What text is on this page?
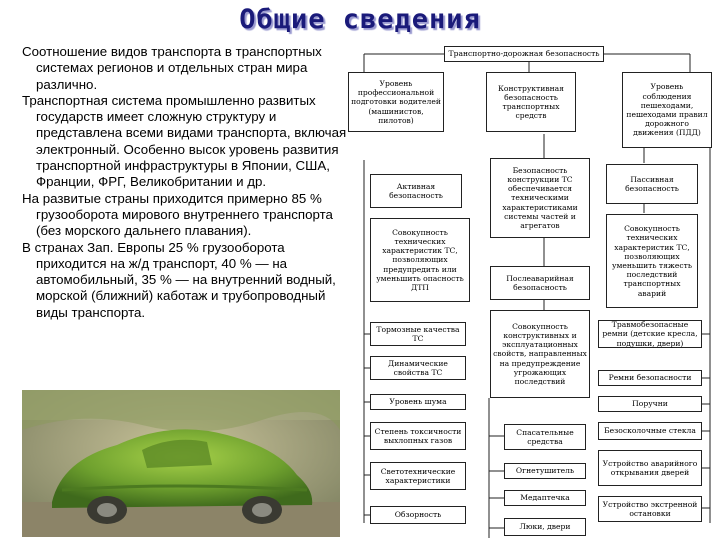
Общие сведения

Соотношение видов транспорта в транспортных системах регионов и отдельных стран мира различно.

Транспортная система промышленно развитых государств имеет сложную структуру и представлена всеми видами транспорта, включая электронный. Особенно высок уровень развития транспортной инфраструктуры в Японии, США, Франции, ФРГ, Великобритании и др.

На развитые страны приходится примерно 85 % грузооборота мирового внутреннего транспорта (без морского дальнего плавания).

В странах Зап. Европы 25 % грузооборота приходится на ж/д транспорт, 40 % — на автомобильный, 35 % — на внутренний водный, морской (ближний) каботаж и трубопроводный виды транспорта.

Транспортно-дорожная безопасность
Уровень профессиональной подготовки водителей (машинистов, пилотов)
Конструктивная безопасность транспортных средств
Уровень соблюдения пешеходами, пешеходами правил дорожного движения (ПДД)
Активная безопасность
Безопасность конструкции ТС обеспечивается техническими характеристиками системы частей и агрегатов
Пассивная безопасность
Совокупность технических характеристик ТС, позволяющих предупредить или уменьшить опасность ДТП
Совокупность технических характеристик ТС, позволяющих уменьшить тяжесть последствий транспортных аварий
Послеаварийная безопасность
Совокупность конструктивных и эксплуатационных свойств, направленных на предупреждение угрожающих последствий
Тормозные качества ТС
Динамические свойства ТС
Уровень шума
Степень токсичности выхлопных газов
Светотехнические характеристики
Обзорность
Спасательные средства
Огнетушитель
Медаптечка
Люки, двери
Травмобезопасные ремни (детские кресла, подушки, двери)
Ремни безопасности
Поручни
Безосколочные стекла
Устройство аварийного открывания дверей
Устройство экстренной остановки
